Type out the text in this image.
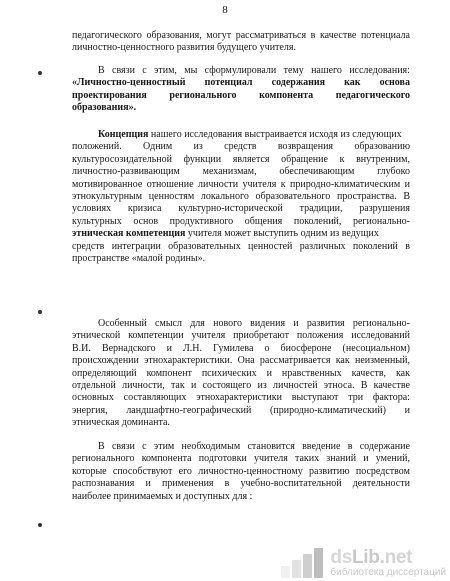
8
педагогического образования, могут рассматриваться в качестве потенциала
личностно-ценностного развития будущего учителя.
В связи с этим, мы сформулировали тему нашего исследования:
«Личностно-ценностный потенциал содержания как основа
проектирования регионального компонента педагогического
образования».
Концепция нашего исследования выстраивается исходя из следующих
положений. Одним из средств возвращения образованию
культуросозидательной функции является обращение к внутренним,
личностно-развивающим механизмам, обеспечивающим глубоко
мотивированное отношение личности учителя к природно-климатическим и
этнокультурным ценностям локального образовательного пространства. В
условиях кризиса культурно-исторической традиции, разрушения
культурных основ продуктивного общения поколений, регионально-
этническая компетенция учителя может выступить одним из ведущих
средств интеграции образовательных ценностей различных поколений в
пространстве «малой родины».
Особенный смысл для нового видения и развития регионально-
этнической компетенции учителя приобретают положения исследований
В.И. Вернадского и Л.Н. Гумилева о биосфероне (несоциальном)
происхождении этнохарактеристики. Она рассматривается как неизменный,
определяющий компонент психических и нравственных качеств, как
отдельной личности, так и состоящего из личностей этноса. В качестве
основных составляющих этнохарактеристики выступают три фактора:
энергия, ландшафтно-географический (природно-климатический) и
этническая доминанта.
В связи с этим необходимым становится введение в содержание
регионального компонента подготовки учителя таких знаний и умений,
которые способствуют его личностно-ценностному развитию посредством
распознавания и применения в учебно-воспитательной деятельности
наиболее принимаемых и доступных для :
dsLib.net
библиотека диссертаций
